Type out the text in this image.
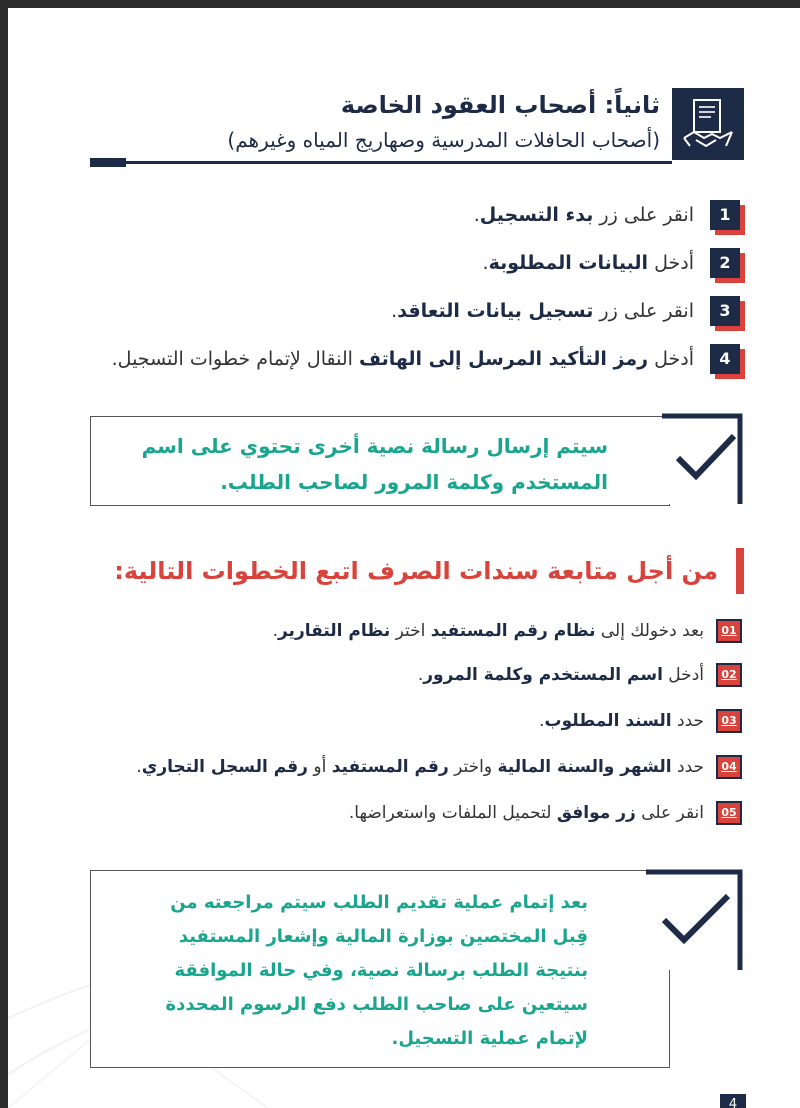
ثانياً: أصحاب العقود الخاصة
(أصحاب الحافلات المدرسية وصهاريج المياه وغيرهم)
1
انقر على زر بدء التسجيل.
2
أدخل البيانات المطلوبة.
3
انقر على زر تسجيل بيانات التعاقد.
4
أدخل رمز التأكيد المرسل إلى الهاتف النقال لإتمام خطوات التسجيل.
سيتم إرسال رسالة نصية أخرى تحتوي على اسم
المستخدم وكلمة المرور لصاحب الطلب.
من أجل متابعة سندات الصرف اتبع الخطوات التالية:
01
بعد دخولك إلى نظام رقم المستفيد اختر نظام التقارير.
02
أدخل اسم المستخدم وكلمة المرور.
03
حدد السند المطلوب.
04
حدد الشهر والسنة المالية واختر رقم المستفيد أو رقم السجل التجاري.
05
انقر على زر موافق لتحميل الملفات واستعراضها.
بعد إتمام عملية تقديم الطلب سيتم مراجعته من
قِبل المختصين بوزارة المالية وإشعار المستفيد
بنتيجة الطلب برسالة نصية، وفي حالة الموافقة
سيتعين على صاحب الطلب دفع الرسوم المحددة
لإتمام عملية التسجيل.
4
